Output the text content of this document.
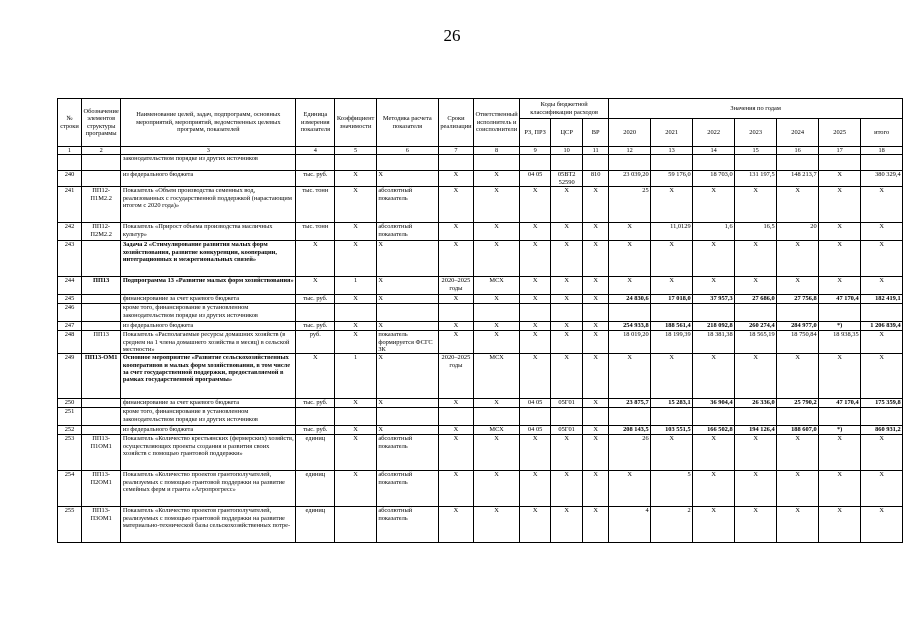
26
№ строки	Обозначение элементов структуры программы	Наименование целей, задач, подпрограмм, основных мероприятий, мероприятий, ведомственных целевых программ, показателей	Единица измерения показателя	Коэффициент значимости	Методика расчета показателя	Сроки реализации	Ответственный исполнитель и соисполнители	Коды бюджетной классификации расходов			Значения по годам						
								РЗ, ПРЗ	ЦСР	ВР	2020	2021	2022	2023	2024	2025	итого
1	2	3	4	5	6	7	8	9	10	11	12	13	14	15	16	17	18
		законодательством порядке из других источников															
240		из федерального бюджета	тыс. руб.	X	X	X	X	04 05	05ВТ2 52590	810	23 039,20	59 176,0	18 703,0	131 197,5	148 213,7	X	380 329,4
241	ПП12-П1М2.2	Показатель «Объем производства семенных вод, реализованных с государственной поддержкой (нарастающим итогом с 2020 года)»	тыс. тонн	X	абсолютный показатель	X	X	X	X	X	25	X	X	X	X	X	X
242	ПП12-П2М2.2	Показатель «Прирост объема производства масличных культур»	тыс. тонн	X	абсолютный показатель	X	X	X	X	X	X	11,0129	1,6	16,5	20	X	X
243		Задача 2 «Стимулирование развития малых форм хозяйствования, развитие конкуренции, кооперации, интеграционных и межрегиональных связей»	X	X	X	X	X	X	X	X	X	X	X	X	X	X	X
244	ПП13	Подпрограмма 13 «Развитие малых форм хозяйствования»	X	1	X	2020–2025 годы	МСХ	X	X	X	X	X	X	X	X	X	X
245		финансирование за счет краевого бюджета	тыс. руб.	X	X	X	X	X	X	X	24 830,6	17 018,0	37 957,3	27 686,0	27 756,8	47 170,4	182 419,1
246		кроме того, финансирование в установленном законодательством порядке из других источников															
247		из федерального бюджета	тыс. руб.	X	X	X	X	X	X	X	254 933,8	188 561,4	218 092,8	260 274,4	284 977,0	*)	1 206 839,4
248	ПП13	Показатель «Располагаемые ресурсы домашних хозяйств (в среднем на 1 члена домашнего хозяйства в месяц) в сельской местности»	руб.	X	показатель формируется ФСГС ЗК	X	X	X	X	X	18 019,20	18 199,39	18 381,38	18 565,19	18 750,84	18 938,35	X
249	ПП13-ОМ1	Основное мероприятие «Развитие сельскохозяйственных кооперативов и малых форм хозяйствования, в том числе за счет государственной поддержки, предоставляемой в рамках государственной программы»	X	1	X	2020–2025 годы	МСХ	X	X	X	X	X	X	X	X	X	X
250		финансирование за счет краевого бюджета	тыс. руб.	X	X	X	X	04 05	05Г01	X	23 875,7	15 283,1	36 904,4	26 336,0	25 790,2	47 170,4	175 359,8
251		кроме того, финансирование в установленном законодательством порядке из других источников															
252		из федерального бюджета	тыс. руб.	X	X	X	МСХ	04 05	05Г01	X	208 143,5	103 551,5	166 502,8	194 126,4	188 607,0	*)	860 931,2
253	ПП13-П1ОМ1	Показатель «Количество крестьянских (фермерских) хозяйств, осуществляющих проекты создания и развития своих хозяйств с помощью грантовой поддержки»	единиц	X	абсолютный показатель	X	X	X	X	X	26	X	X	X	X	X	X
254	ПП13-П2ОМ1	Показатель «Количество проектов грантополучателей, реализуемых с помощью грантовой поддержки на развитие семейных ферм и гранта «Агропрогресс»	единиц	X	абсолютный показатель	X	X	X	X	X	X	5	X	X	X	X	X
255	ПП13-П3ОМ1	Показатель «Количество проектов грантополучателей, реализуемых с помощью грантовой поддержки на развитие материально-технической базы сельскохозяйственных потре-	единиц		абсолютный показатель	X	X	X	X	X	4	2	X	X	X	X	X
